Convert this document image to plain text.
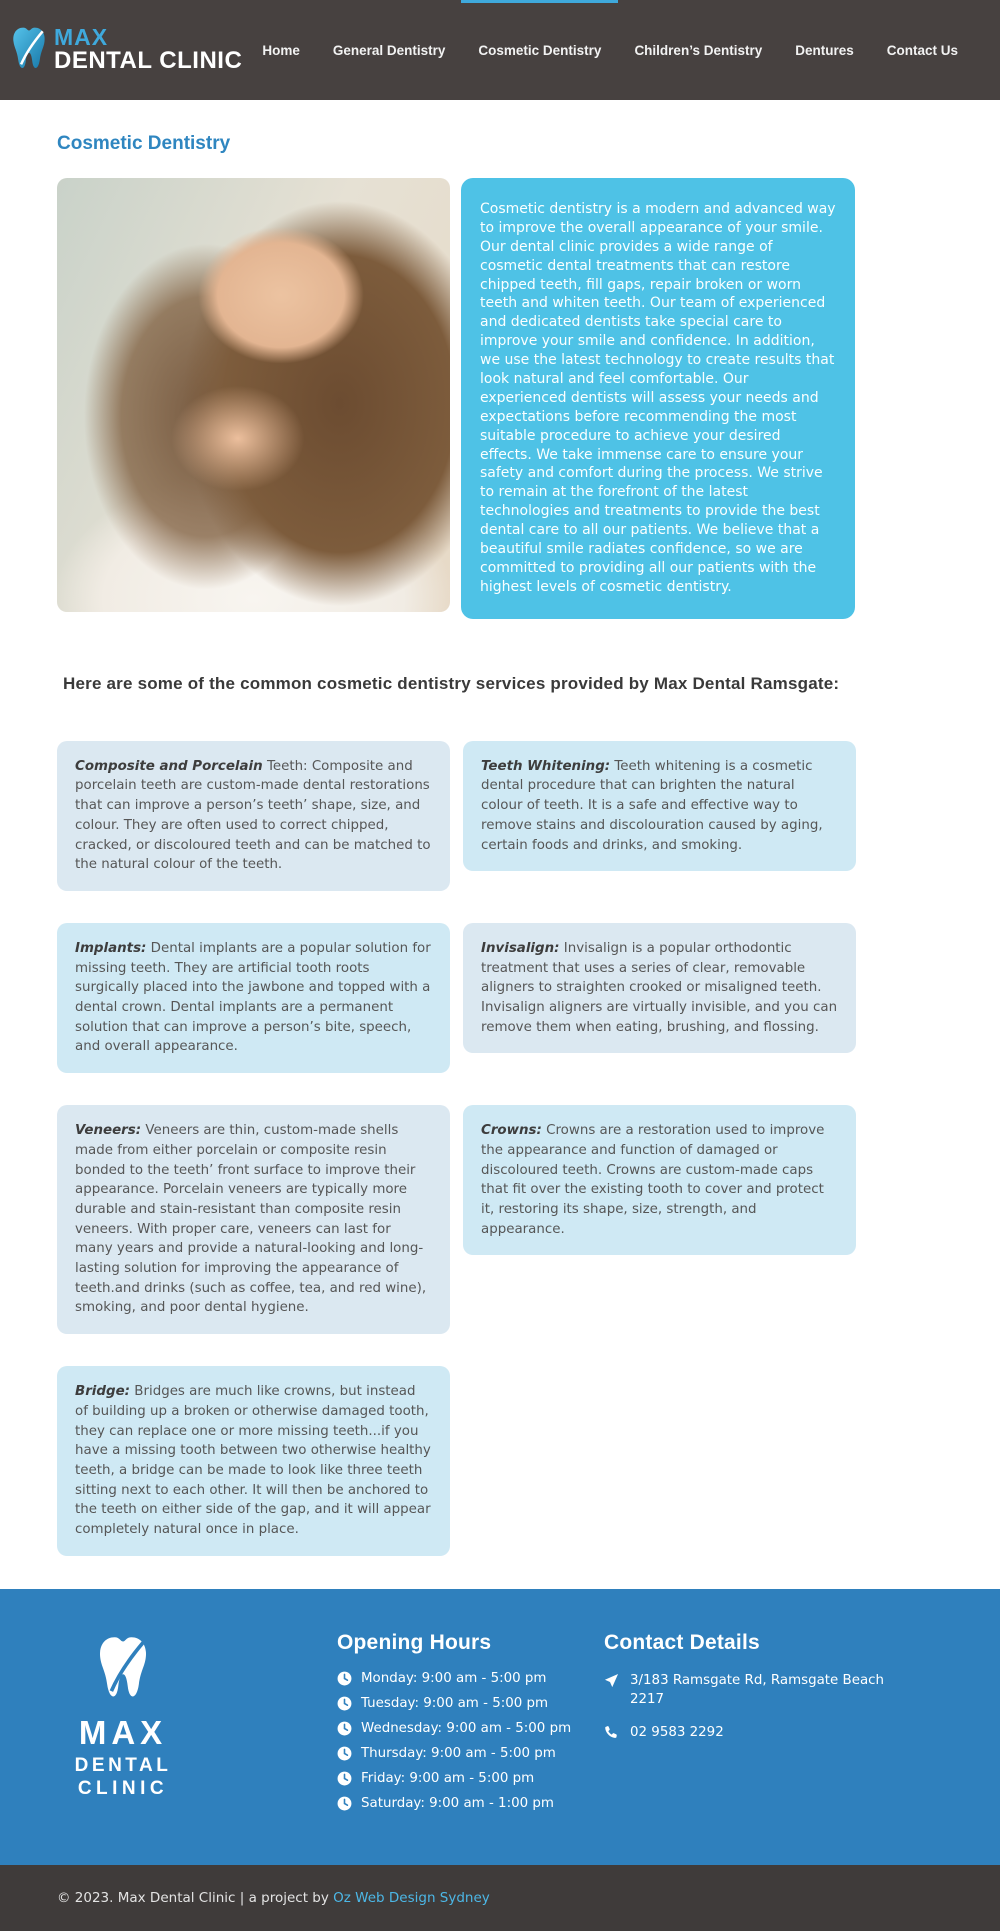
MAX
DENTAL CLINIC Home General Dentistry Cosmetic Dentistry Children’s Dentistry Dentures Contact Us
Cosmetic Dentistry
Cosmetic dentistry is a modern and advanced way to improve the overall appearance of your smile. Our dental clinic provides a wide range of cosmetic dental treatments that can restore chipped teeth, fill gaps, repair broken or worn teeth and whiten teeth. Our team of experienced and dedicated dentists take special care to improve your smile and confidence. In addition, we use the latest technology to create results that look natural and feel comfortable. Our experienced dentists will assess your needs and expectations before recommending the most suitable procedure to achieve your desired effects. We take immense care to ensure your safety and comfort during the process. We strive to remain at the forefront of the latest technologies and treatments to provide the best dental care to all our patients. We believe that a beautiful smile radiates confidence, so we are committed to providing all our patients with the highest levels of cosmetic dentistry.
Here are some of the common cosmetic dentistry services provided by Max Dental Ramsgate:
Composite and Porcelain Teeth: Composite and porcelain teeth are custom-made dental restorations that can improve a person’s teeth’ shape, size, and colour. They are often used to correct chipped, cracked, or discoloured teeth and can be matched to the natural colour of the teeth.
Teeth Whitening: Teeth whitening is a cosmetic dental procedure that can brighten the natural colour of teeth. It is a safe and effective way to remove stains and discolouration caused by aging, certain foods and drinks, and smoking.
Implants: Dental implants are a popular solution for missing teeth. They are artificial tooth roots surgically placed into the jawbone and topped with a dental crown. Dental implants are a permanent solution that can improve a person’s bite, speech, and overall appearance.
Invisalign: Invisalign is a popular orthodontic treatment that uses a series of clear, removable aligners to straighten crooked or misaligned teeth. Invisalign aligners are virtually invisible, and you can remove them when eating, brushing, and flossing.
Veneers: Veneers are thin, custom-made shells made from either porcelain or composite resin bonded to the teeth’ front surface to improve their appearance. Porcelain veneers are typically more durable and stain-resistant than composite resin veneers. With proper care, veneers can last for many years and provide a natural-looking and long-lasting solution for improving the appearance of teeth.and drinks (such as coffee, tea, and red wine), smoking, and poor dental hygiene.
Crowns: Crowns are a restoration used to improve the appearance and function of damaged or discoloured teeth. Crowns are custom-made caps that fit over the existing tooth to cover and protect it, restoring its shape, size, strength, and appearance.
Bridge: Bridges are much like crowns, but instead of building up a broken or otherwise damaged tooth, they can replace one or more missing teeth...if you have a missing tooth between two otherwise healthy teeth, a bridge can be made to look like three teeth sitting next to each other. It will then be anchored to the teeth on either side of the gap, and it will appear completely natural once in place.
MAX
DENTAL
CLINIC
Opening Hours
Monday: 9:00 am - 5:00 pm
Tuesday: 9:00 am - 5:00 pm
Wednesday: 9:00 am - 5:00 pm
Thursday: 9:00 am - 5:00 pm
Friday: 9:00 am - 5:00 pm
Saturday: 9:00 am - 1:00 pm
Contact Details
3/183 Ramsgate Rd, Ramsgate Beach 2217
02 9583 2292
© 2023. Max Dental Clinic | a project by Oz Web Design Sydney
